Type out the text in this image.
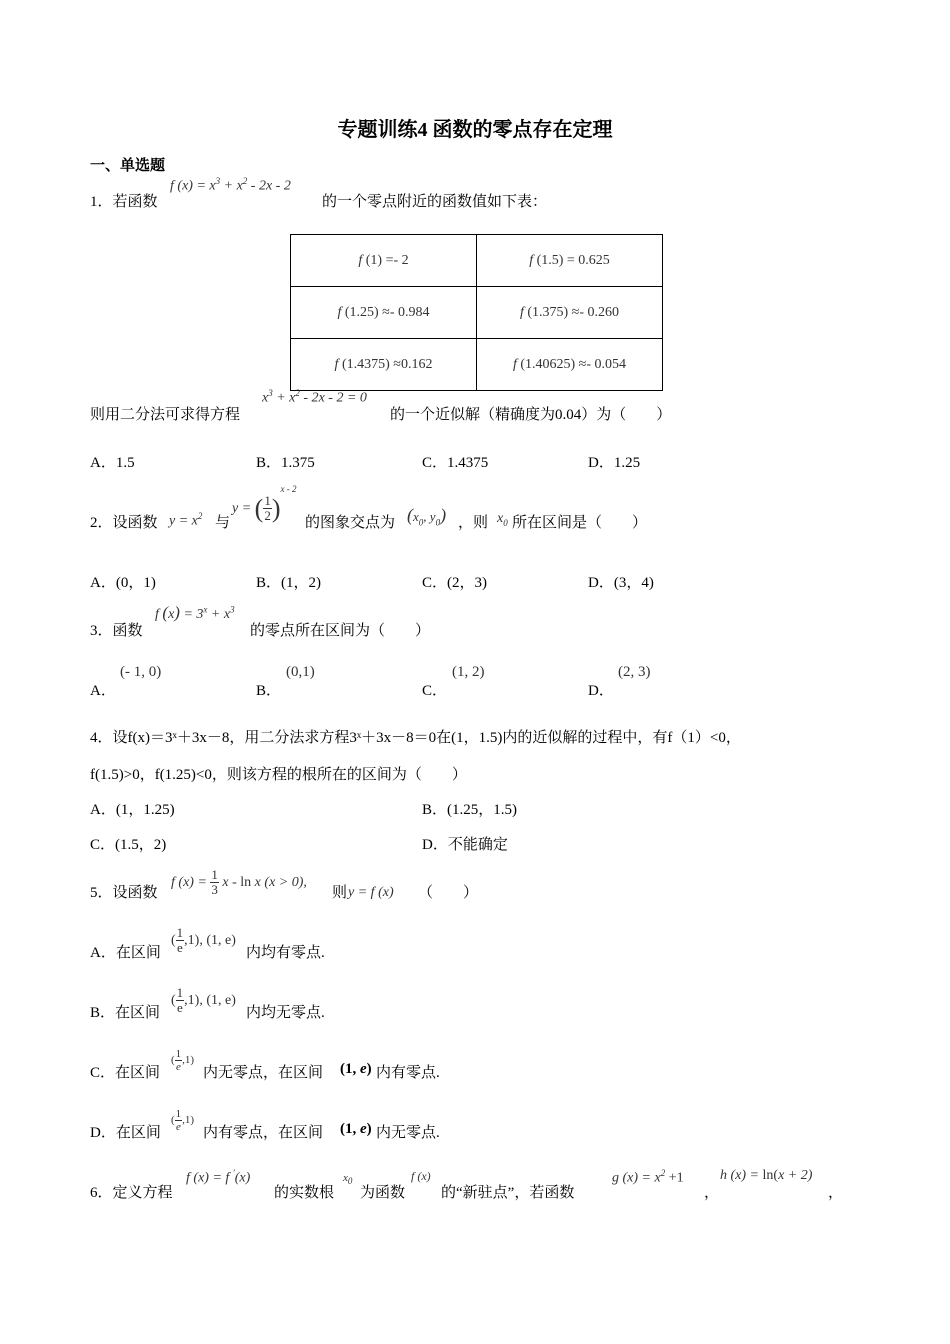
专题训练4 函数的零点存在定理
一、单选题
1．若函数
f $(x) = x^3 + x^2 - 2x - 2$
的一个零点附近的函数值如下表：
f (1) =- 2	f (1.5) = 0.625
f (1.25) ≈- 0.984	f (1.375) ≈- 0.260
f (1.4375) ≈0.162	f (1.40625) ≈- 0.054
则用二分法可求得方程
$x^3 + x^2 - 2x - 2 = 0$
的一个近似解（精确度为0.04）为（　　）
A．1.5	B．1.375	C．1.4375	D．1.25
2．设函数 $y = x^2$ 与
y = ( $\frac{1}{2} )^{x - 2}$
的图象交点为 ($x_0$, $y_0$) ，则 $x_0$ 所在区间是（　　）
A．(0，1)	B．(1，2)	C．(2，3)	D．(3，4)
3．函数
f $(x) = 3^x + x^3$
的零点所在区间为（　　）
A．
(- 1, 0)
B．
(0,1)
C．
(1, 2)
D．
(2, 3)
4．设f(x)＝3ˣ＋3x－8，用二分法求方程3ˣ＋3x－8＝0在(1，1.5)内的近似解的过程中，有f（1）<0，
f(1.5)>0，f(1.25)<0，则该方程的根所在的区间为（　　）
A．(1，1.25)	B．(1.25，1.5)
C．(1.5，2)	D．不能确定
5．设函数
f $(x) = \frac{1}{3}$ x - ln x (x > 0),
则 y = f (x) （　　）
A．在区间
( $\frac{1}{e} ,1$), (1, e)
内均有零点.
B．在区间
( $\frac{1}{e} ,1$), (1, e)
内均无零点.
C．在区间
( $\frac{1}{e} ,1$)
内无零点，在区间 (1, e) 内有零点.
D．在区间
( $\frac{1}{e} ,1$)
内有零点，在区间 (1, e) 内无零点.
6．定义方程
f (x) = f ′(x)
的实数根
$x_0$
为函数
f (x)
的“新驻点”，若函数
g $(x) = x^2 +1$
，
h (x) = ln(x + 2)
，
